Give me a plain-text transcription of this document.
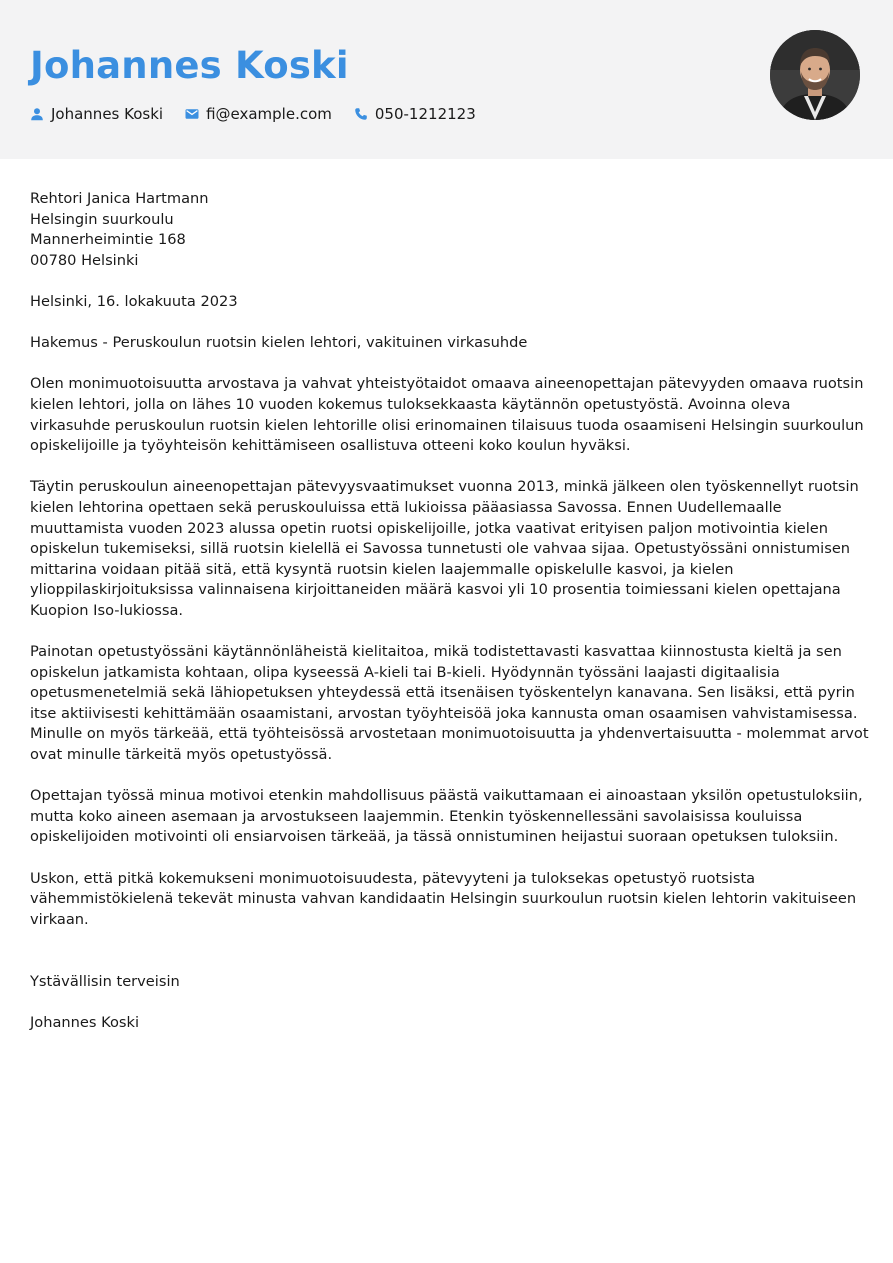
Johannes Koski
Johannes Koski	fi@example.com	050-1212123

Rehtori Janica Hartmann

Helsingin suurkoulu

Mannerheimintie 168

00780 Helsinki

Helsinki, 16. lokakuuta 2023

Hakemus - Peruskoulun ruotsin kielen lehtori, vakituinen virkasuhde

Olen monimuotoisuutta arvostava ja vahvat yhteistyötaidot omaava aineenopettajan pätevyyden omaava ruotsin kielen lehtori, jolla on lähes 10 vuoden kokemus tuloksekkaasta käytännön opetustyöstä. Avoinna oleva virkasuhde peruskoulun ruotsin kielen lehtorille olisi erinomainen tilaisuus tuoda osaamiseni Helsingin suurkoulun opiskelijoille ja työyhteisön kehittämiseen osallistuva otteeni koko koulun hyväksi.

Täytin peruskoulun aineenopettajan pätevyysvaatimukset vuonna 2013, minkä jälkeen olen työskennellyt ruotsin kielen lehtorina opettaen sekä peruskouluissa että lukioissa pääasiassa Savossa. Ennen Uudellemaalle muuttamista vuoden 2023 alussa opetin ruotsi opiskelijoille, jotka vaativat erityisen paljon motivointia kielen opiskelun tukemiseksi, sillä ruotsin kielellä ei Savossa tunnetusti ole vahvaa sijaa. Opetustyössäni onnistumisen mittarina voidaan pitää sitä, että kysyntä ruotsin kielen laajemmalle opiskelulle kasvoi, ja kielen ylioppilaskirjoituksissa valinnaisena kirjoittaneiden määrä kasvoi yli 10 prosentia toimiessani kielen opettajana Kuopion Iso-lukiossa.

Painotan opetustyössäni käytännönläheistä kielitaitoa, mikä todistettavasti kasvattaa kiinnostusta kieltä ja sen opiskelun jatkamista kohtaan, olipa kyseessä A-kieli tai B-kieli. Hyödynnän työssäni laajasti digitaalisia opetusmenetelmiä sekä lähiopetuksen yhteydessä että itsenäisen työskentelyn kanavana. Sen lisäksi, että pyrin itse aktiivisesti kehittämään osaamistani, arvostan työyhteisöä joka kannusta oman osaamisen vahvistamisessa. Minulle on myös tärkeää, että työhteisössä arvostetaan monimuotoisuutta ja yhdenvertaisuutta - molemmat arvot ovat minulle tärkeitä myös opetustyössä.

Opettajan työssä minua motivoi etenkin mahdollisuus päästä vaikuttamaan ei ainoastaan yksilön opetustuloksiin, mutta koko aineen asemaan ja arvostukseen laajemmin. Etenkin työskennellessäni savolaisissa kouluissa opiskelijoiden motivointi oli ensiarvoisen tärkeää, ja tässä onnistuminen heijastui suoraan opetuksen tuloksiin.

Uskon, että pitkä kokemukseni monimuotoisuudesta, pätevyyteni ja tuloksekas opetustyö ruotsista vähemmistökielenä tekevät minusta vahvan kandidaatin Helsingin suurkoulun ruotsin kielen lehtorin vakituiseen virkaan.

Ystävällisin terveisin

Johannes Koski
